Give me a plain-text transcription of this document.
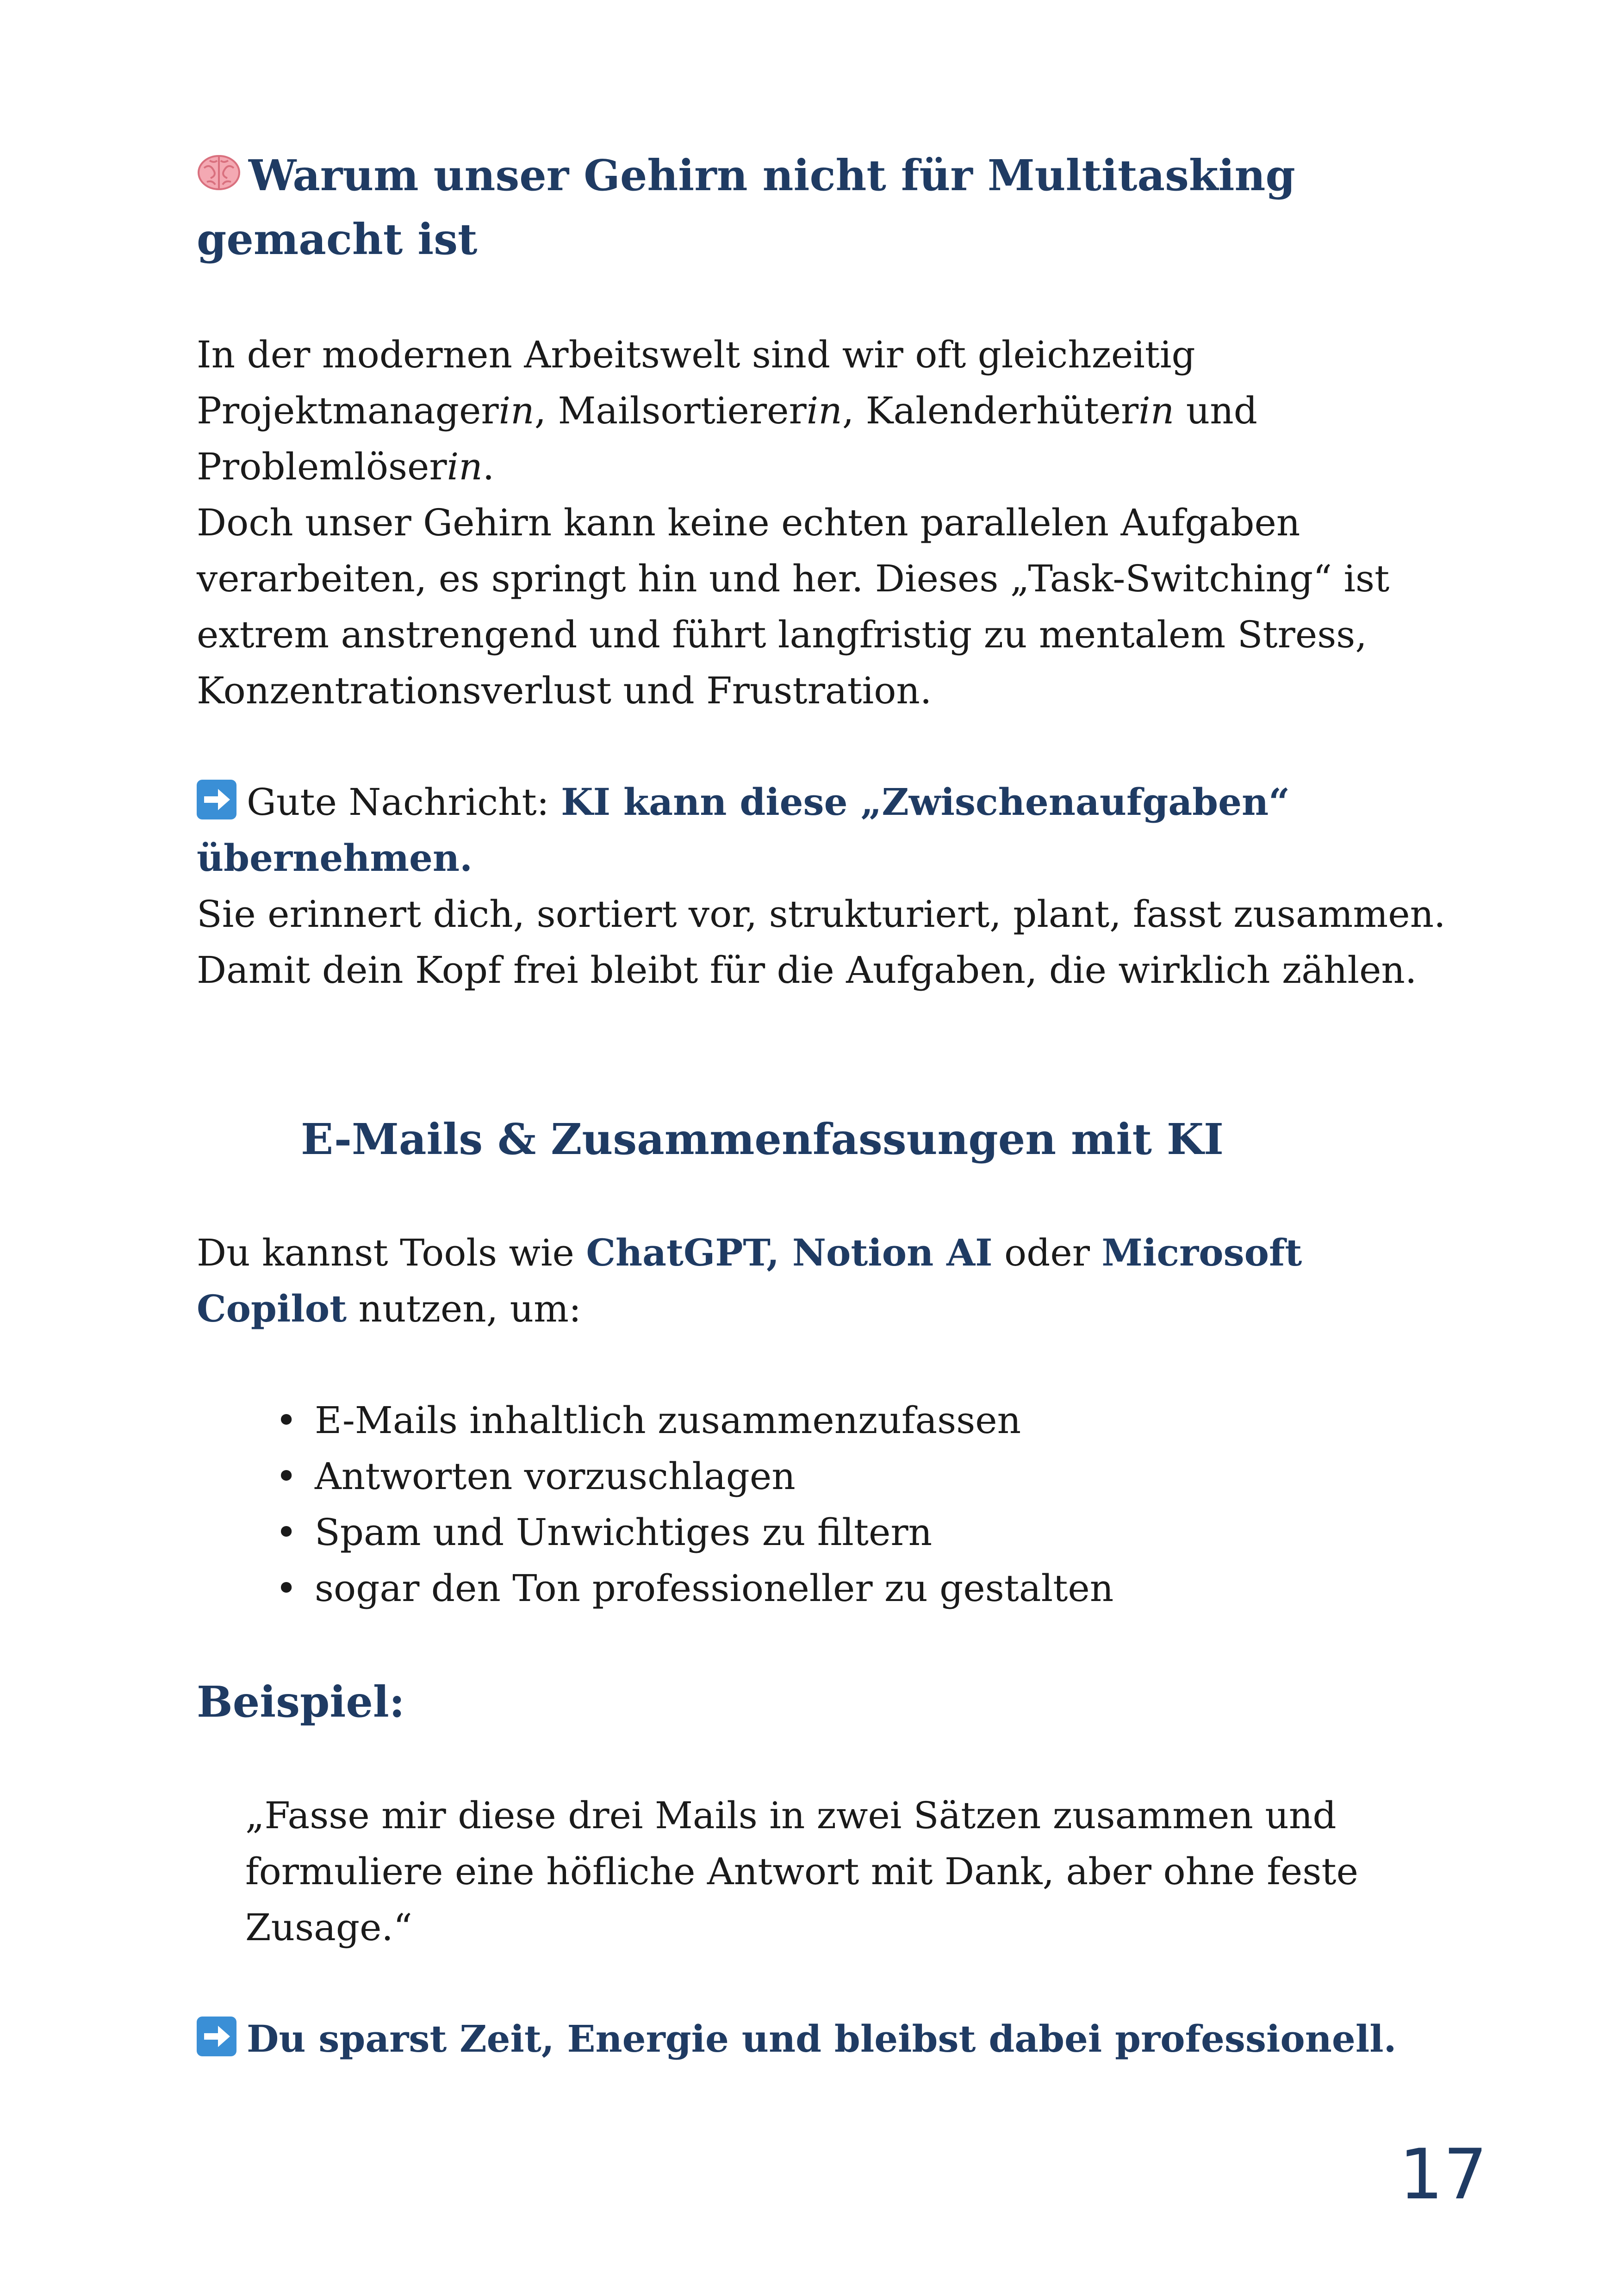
Warum unser Gehirn nicht für Multitasking gemacht ist

In der modernen Arbeitswelt sind wir oft gleichzeitig Projektmanagerin, Mailsortiererin, Kalenderhüterin und Problemlöserin.

Doch unser Gehirn kann keine echten parallelen Aufgaben verarbeiten, es springt hin und her. Dieses „Task-Switching“ ist extrem anstrengend und führt langfristig zu mentalem Stress, Konzentrationsverlust und Frustration.

Gute Nachricht: KI kann diese „Zwischenaufgaben“ übernehmen.

Sie erinnert dich, sortiert vor, strukturiert, plant, fasst zusammen.

Damit dein Kopf frei bleibt für die Aufgaben, die wirklich zählen.

E-Mails & Zusammenfassungen mit KI

Du kannst Tools wie ChatGPT, Notion AI oder Microsoft Copilot nutzen, um:

• E-Mails inhaltlich zusammenzufassen
• Antworten vorzuschlagen
• Spam und Unwichtiges zu filtern
• sogar den Ton professioneller zu gestalten
Beispiel:

„Fasse mir diese drei Mails in zwei Sätzen zusammen und formuliere eine höfliche Antwort mit Dank, aber ohne feste Zusage.“

Du sparst Zeit, Energie und bleibst dabei professionell.

17
